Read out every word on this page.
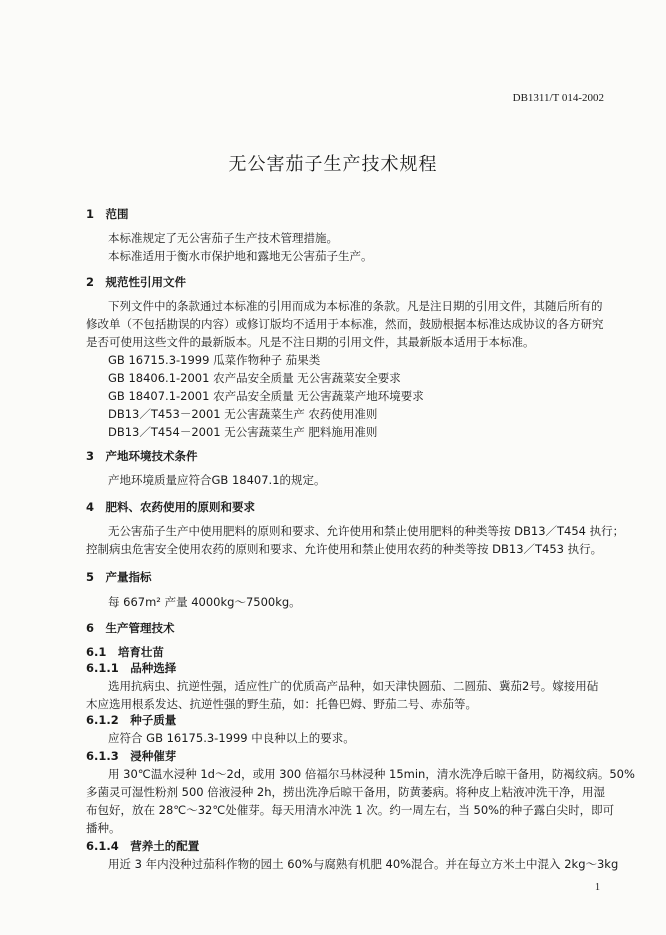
DB1311/T 014-2002
无公害茄子生产技术规程
1　范围
本标准规定了无公害茄子生产技术管理措施。
本标准适用于衡水市保护地和露地无公害茄子生产。
2　规范性引用文件
下列文件中的条款通过本标准的引用而成为本标准的条款。凡是注日期的引用文件，其随后所有的
修改单（不包括勘误的内容）或修订版均不适用于本标准，然而，鼓励根据本标准达成协议的各方研究
是否可使用这些文件的最新版本。凡是不注日期的引用文件，其最新版本适用于本标准。
GB 16715.3-1999 瓜菜作物种子 茄果类
GB 18406.1-2001 农产品安全质量 无公害蔬菜安全要求
GB 18407.1-2001 农产品安全质量 无公害蔬菜产地环境要求
DB13／T453－2001 无公害蔬菜生产 农药使用准则
DB13／T454－2001 无公害蔬菜生产 肥料施用准则
3　产地环境技术条件
产地环境质量应符合GB 18407.1的规定。
4　肥料、农药使用的原则和要求
无公害茄子生产中使用肥料的原则和要求、允许使用和禁止使用肥料的种类等按 DB13／T454 执行；
控制病虫危害安全使用农药的原则和要求、允许使用和禁止使用农药的种类等按 DB13／T453 执行。
5　产量指标
每 667m² 产量 4000kg～7500kg。
6　生产管理技术
6.1　培育壮苗
6.1.1　品种选择
选用抗病虫、抗逆性强，适应性广的优质高产品种，如天津快圆茄、二圆茄、冀茄2号。嫁接用砧
木应选用根系发达、抗逆性强的野生茄，如：托鲁巴姆、野茄二号、赤茄等。
6.1.2　种子质量
应符合 GB 16175.3-1999 中良种以上的要求。
6.1.3　浸种催芽
用 30℃温水浸种 1d～2d，或用 300 倍福尔马林浸种 15min，清水洗净后晾干备用，防褐纹病。50%
多菌灵可湿性粉剂 500 倍液浸种 2h，捞出洗净后晾干备用，防黄萎病。将种皮上粘液冲洗干净，用湿
布包好，放在 28℃～32℃处催芽。每天用清水冲洗 1 次。约一周左右，当 50%的种子露白尖时，即可
播种。
6.1.4　营养土的配置
用近 3 年内没种过茄科作物的园土 60%与腐熟有机肥 40%混合。并在每立方米土中混入 2kg～3kg
1
